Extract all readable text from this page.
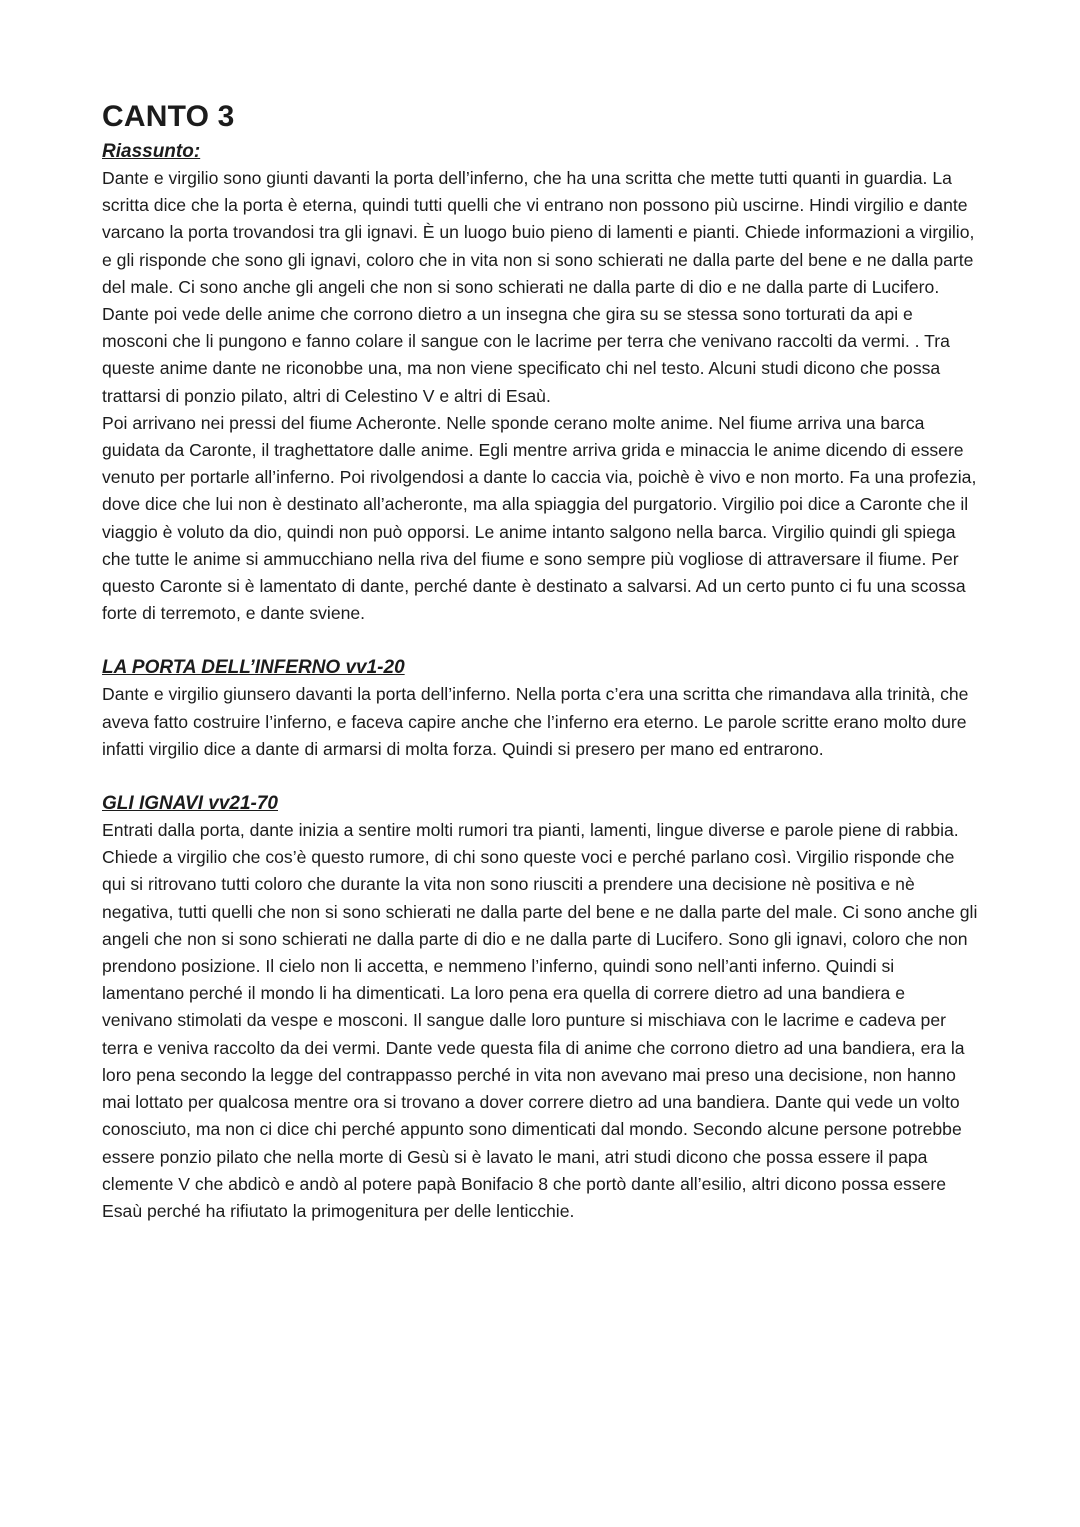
CANTO 3
Riassunto:

Dante e virgilio sono giunti davanti la porta dell’inferno, che ha una scritta che mette tutti quanti in guardia. La scritta dice che la porta è eterna, quindi tutti quelli che vi entrano non possono più uscirne. Hindi virgilio e dante varcano la porta trovandosi tra gli ignavi. È un luogo buio pieno di lamenti e pianti. Chiede informazioni a virgilio, e gli risponde che sono gli ignavi, coloro che in vita non si sono schierati ne dalla parte del bene e ne dalla parte del male. Ci sono anche gli angeli che non si sono schierati ne dalla parte di dio e ne dalla parte di Lucifero. Dante poi vede delle anime che corrono dietro a un insegna che gira su se stessa sono torturati da api e mosconi che li pungono e fanno colare il sangue con le lacrime per terra che venivano raccolti da vermi. . Tra queste anime dante ne riconobbe una, ma non viene specificato chi nel testo. Alcuni studi dicono che possa trattarsi di ponzio pilato, altri di Celestino V e altri di Esaù.

Poi arrivano nei pressi del fiume Acheronte. Nelle sponde cerano molte anime. Nel fiume arriva una barca guidata da Caronte, il traghettatore dalle anime. Egli mentre arriva grida e minaccia le anime dicendo di essere venuto per portarle all’inferno. Poi rivolgendosi a dante lo caccia via, poichè è vivo e non morto. Fa una profezia, dove dice che lui non è destinato all’acheronte, ma alla spiaggia del purgatorio. Virgilio poi dice a Caronte che il viaggio è voluto da dio, quindi non può opporsi. Le anime intanto salgono nella barca. Virgilio quindi gli spiega che tutte le anime si ammucchiano nella riva del fiume e sono sempre più vogliose di attraversare il fiume. Per questo Caronte si è lamentato di dante, perché dante è destinato a salvarsi. Ad un certo punto ci fu una scossa forte di terremoto, e dante sviene.

LA PORTA DELL’INFERNO vv1-20

Dante e virgilio giunsero davanti la porta dell’inferno. Nella porta c’era una scritta che rimandava alla trinità, che aveva fatto costruire l’inferno, e faceva capire anche che l’inferno era eterno. Le parole scritte erano molto dure infatti virgilio dice a dante di armarsi di molta forza. Quindi si presero per mano ed entrarono.

GLI IGNAVI vv21-70

Entrati dalla porta, dante inizia a sentire molti rumori tra pianti, lamenti, lingue diverse e parole piene di rabbia. Chiede a virgilio che cos’è questo rumore, di chi sono queste voci e perché parlano così. Virgilio risponde che qui si ritrovano tutti coloro che durante la vita non sono riusciti a prendere una decisione nè positiva e nè negativa, tutti quelli che non si sono schierati ne dalla parte del bene e ne dalla parte del male. Ci sono anche gli angeli che non si sono schierati ne dalla parte di dio e ne dalla parte di Lucifero. Sono gli ignavi, coloro che non prendono posizione. Il cielo non li accetta, e nemmeno l’inferno, quindi sono nell’anti inferno. Quindi si lamentano perché il mondo li ha dimenticati. La loro pena era quella di correre dietro ad una bandiera e venivano stimolati da vespe e mosconi. Il sangue dalle loro punture si mischiava con le lacrime e cadeva per terra e veniva raccolto da dei vermi. Dante vede questa fila di anime che corrono dietro ad una bandiera, era la loro pena secondo la legge del contrappasso perché in vita non avevano mai preso una decisione, non hanno mai lottato per qualcosa mentre ora si trovano a dover correre dietro ad una bandiera. Dante qui vede un volto conosciuto, ma non ci dice chi perché appunto sono dimenticati dal mondo. Secondo alcune persone potrebbe essere ponzio pilato che nella morte di Gesù si è lavato le mani, atri studi dicono che possa essere il papa clemente V che abdicò e andò al potere papà Bonifacio 8 che portò dante all’esilio, altri dicono possa essere Esaù perché ha rifiutato la primogenitura per delle lenticchie.
